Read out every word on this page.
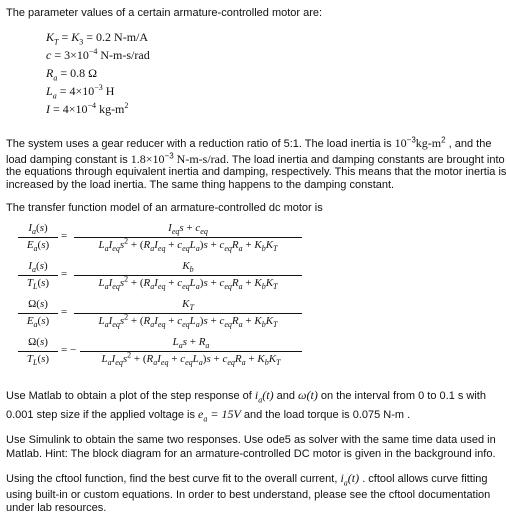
The parameter values of a certain armature-controlled motor are:

$K_T = K_3 = 0.2$ N-m/A
$c = 3\times 10^{-4}$ N-m-s/rad
$R_a = 0.8$ Ω
$L_a = 4\times 10^{-3}$ H
$I = 4\times 10^{-4}$ $kg-m^2$

The system uses a gear reducer with a reduction ratio of 5:1. The load inertia is $10^{-3}kg-m^2$ , and the

load damping constant is $1.8\times 10^{-3}$ N-m-s/rad. The load inertia and damping constants are brought into

the equations through equivalent inertia and damping, respectively. This means that the motor inertia is

increased by the load inertia. The same thing happens to the damping constant.

The transfer function model of an armature-controlled dc motor is

$I_a(s)$
$E_a(s)$
=
$I_{eq}s + c_{eq}$
$L_aI_{eq}s^2 + (R_aI_{eq} + c_{eq}L_a)s + c_{eq}R_a + K_bK_T$
$I_a(s)$
$T_L(s)$
=
$K_b$
$L_aI_{eq}s^2 + (R_aI_{eq} + c_{eq}L_a)s + c_{eq}R_a + K_bK_T$
Ω(s)
$E_a(s)$
=
$K_T$
$L_aI_{eq}s^2 + (R_aI_{eq} + c_{eq}L_a)s + c_{eq}R_a + K_bK_T$
Ω(s)
$T_L(s)$
= −
$L_as + R_a$
$L_aI_{eq}s^2 + (R_aI_{eq} + c_{eq}L_a)s + c_{eq}R_a + K_bK_T$

Use Matlab to obtain a plot of the step response of $i_a(t)$ and ω(t) on the interval from 0 to 0.1 s with

0.001 step size if the applied voltage is $e_a = 15V$ and the load torque is 0.075 N-m .

Use Simulink to obtain the same two responses. Use ode5 as solver with the same time data used in

Matlab. Hint: The block diagram for an armature-controlled DC motor is given in the background info.

Using the cftool function, find the best curve fit to the overall current, $i_a(t)$ . cftool allows curve fitting

using built-in or custom equations. In order to best understand, please see the cftool documentation

under lab resources.
